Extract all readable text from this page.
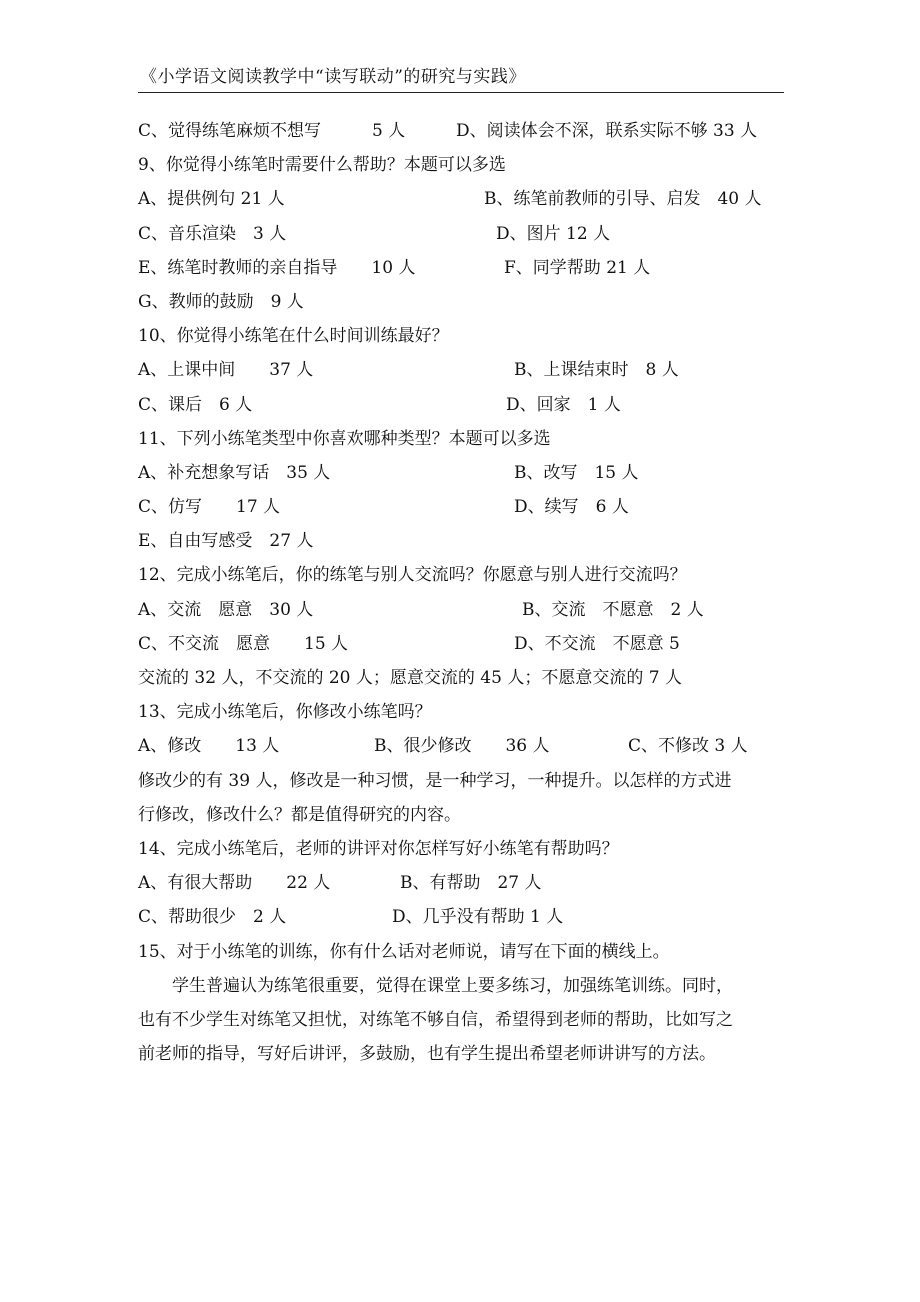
《小学语文阅读教学中“读写联动”的研究与实践》
C、觉得练笔麻烦不想写　　　5 人	D、阅读体会不深，联系实际不够 33 人
9、你觉得小练笔时需要什么帮助？本题可以多选
A、提供例句 21 人	B、练笔前教师的引导、启发　40 人
C、音乐渲染　3 人	D、图片 12 人
E、练笔时教师的亲自指导　　10 人	F、同学帮助 21 人
G、教师的鼓励　9 人
10、你觉得小练笔在什么时间训练最好？
A、上课中间　　37 人	B、上课结束时　8 人
C、课后　6 人	D、回家　1 人
11、下列小练笔类型中你喜欢哪种类型？本题可以多选
A、补充想象写话　35 人	B、改写　15 人
C、仿写　　17 人	D、续写　6 人
E、自由写感受　27 人
12、完成小练笔后，你的练笔与别人交流吗？你愿意与别人进行交流吗？
A、交流　愿意　30 人	B、交流　不愿意　2 人
C、不交流　愿意　　15 人	D、不交流　不愿意 5
交流的 32 人，不交流的 20 人；愿意交流的 45 人；不愿意交流的 7 人
13、完成小练笔后，你修改小练笔吗？
A、修改　　13 人	B、很少修改　　36 人	C、不修改 3 人
修改少的有 39 人，修改是一种习惯，是一种学习，一种提升。以怎样的方式进
行修改，修改什么？都是值得研究的内容。
14、完成小练笔后，老师的讲评对你怎样写好小练笔有帮助吗？
A、有很大帮助　　22 人	B、有帮助　27 人
C、帮助很少　2 人	D、几乎没有帮助 1 人
15、对于小练笔的训练，你有什么话对老师说，请写在下面的横线上。
学生普遍认为练笔很重要，觉得在课堂上要多练习，加强练笔训练。同时，
也有不少学生对练笔又担忧，对练笔不够自信，希望得到老师的帮助，比如写之
前老师的指导，写好后讲评，多鼓励，也有学生提出希望老师讲讲写的方法。
